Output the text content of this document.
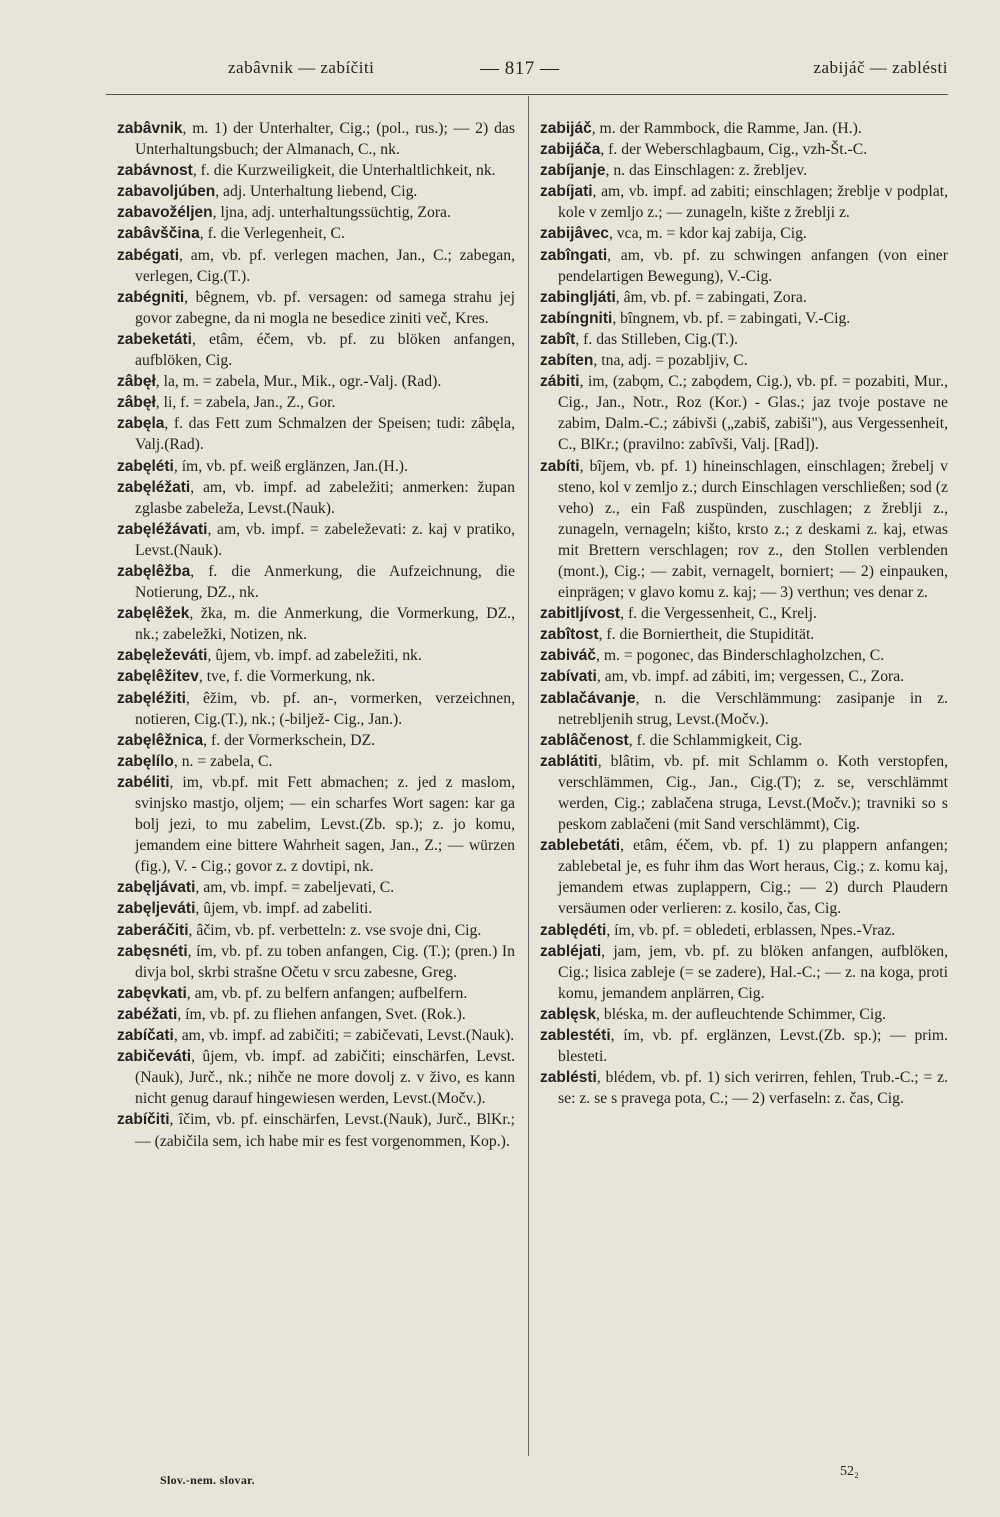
zabâvnik — zabíčiti	— 817 —	zabijáč — zablésti

zabâvnik, m. 1) der Unterhalter, Cig.; (pol., rus.); — 2) das Unterhaltungsbuch; der Almanach, C., nk.

zabávnost, f. die Kurzweiligkeit, die Unterhaltlichkeit, nk.

zabavoljúben, adj. Unterhaltung liebend, Cig.

zabavožéljen, ljna, adj. unterhaltungssüchtig, Zora.

zabâvščina, f. die Verlegenheit, C.

zabégati, am, vb. pf. verlegen machen, Jan., C.; zabegan, verlegen, Cig.(T.).

zabégniti, bêgnem, vb. pf. versagen: od samega strahu jej govor zabegne, da ni mogla ne besedice ziniti več, Kres.

zabeketáti, etâm, éčem, vb. pf. zu blöken anfangen, aufblöken, Cig.

zâbęł, la, m. = zabela, Mur., Mik., ogr.-Valj. (Rad).

zâbęł, li, f. = zabela, Jan., Z., Gor.

zabęla, f. das Fett zum Schmalzen der Speisen; tudi: zâbęla, Valj.(Rad).

zabęléti, ím, vb. pf. weiß erglänzen, Jan.(H.).

zabęléžati, am, vb. impf. ad zabeležiti; anmerken: župan zglasbe zabeleža, Levst.(Nauk).

zabęléžávati, am, vb. impf. = zabeleževati: z. kaj v pratiko, Levst.(Nauk).

zabęlêžba, f. die Anmerkung, die Aufzeichnung, die Notierung, DZ., nk.

zabęlêžek, žka, m. die Anmerkung, die Vormerkung, DZ., nk.; zabeležki, Notizen, nk.

zabęleževáti, ûjem, vb. impf. ad zabeležiti, nk.

zabęlêžitev, tve, f. die Vormerkung, nk.

zabęléžiti, êžim, vb. pf. an-, vormerken, verzeichnen, notieren, Cig.(T.), nk.; (-biljež- Cig., Jan.).

zabęlêžnica, f. der Vormerkschein, DZ.

zabęlílo, n. = zabela, C.

zabéliti, im, vb.pf. mit Fett abmachen; z. jed z maslom, svinjsko mastjo, oljem; — ein scharfes Wort sagen: kar ga bolj jezi, to mu zabelim, Levst.(Zb. sp.); z. jo komu, jemandem eine bittere Wahrheit sagen, Jan., Z.; — würzen (fig.), V. - Cig.; govor z. z dovtipi, nk.

zabęljávati, am, vb. impf. = zabeljevati, C.

zabęljeváti, ûjem, vb. impf. ad zabeliti.

zaberáčiti, âčim, vb. pf. verbetteln: z. vse svoje dni, Cig.

zabęsnéti, ím, vb. pf. zu toben anfangen, Cig. (T.); (pren.) In divja bol, skrbi strašne Očetu v srcu zabesne, Greg.

zabęvkati, am, vb. pf. zu belfern anfangen; aufbelfern.

zabéžati, ím, vb. pf. zu fliehen anfangen, Svet. (Rok.).

zabíčati, am, vb. impf. ad zabičiti; = zabičevati, Levst.(Nauk).

zabičeváti, ûjem, vb. impf. ad zabičiti; einschärfen, Levst.(Nauk), Jurč., nk.; nihče ne more dovolj z. v živo, es kann nicht genug darauf hingewiesen werden, Levst.(Močv.).

zabíčiti, îčim, vb. pf. einschärfen, Levst.(Nauk), Jurč., BlKr.; — (zabičila sem, ich habe mir es fest vorgenommen, Kop.).

zabijáč, m. der Rammbock, die Ramme, Jan. (H.).

zabijáča, f. der Weberschlagbaum, Cig., vzh-Št.-C.

zabíjanje, n. das Einschlagen: z. žrebljev.

zabíjati, am, vb. impf. ad zabiti; einschlagen; žreblje v podplat, kole v zemljo z.; — zunageln, kište z žreblji z.

zabijâvec, vca, m. = kdor kaj zabija, Cig.

zabîngati, am, vb. pf. zu schwingen anfangen (von einer pendelartigen Bewegung), V.-Cig.

zabingljáti, âm, vb. pf. = zabingati, Zora.

zabíngniti, bîngnem, vb. pf. = zabingati, V.-Cig.

zabît, f. das Stilleben, Cig.(T.).

zabíten, tna, adj. = pozabljiv, C.

zábiti, im, (zabǫm, C.; zabǫdem, Cig.), vb. pf. = pozabiti, Mur., Cig., Jan., Notr., Roz (Kor.) - Glas.; jaz tvoje postave ne zabim, Dalm.-C.; zábivši („zabiš, zabiši"), aus Vergessenheit, C., BlKr.; (pravilno: zabîvši, Valj. [Rad]).

zabíti, bîjem, vb. pf. 1) hineinschlagen, einschlagen; žrebelj v steno, kol v zemljo z.; durch Einschlagen verschließen; sod (z veho) z., ein Faß zuspünden, zuschlagen; z žreblji z., zunageln, vernageln; kišto, krsto z.; z deskami z. kaj, etwas mit Brettern verschlagen; rov z., den Stollen verblenden (mont.), Cig.; — zabit, vernagelt, borniert; — 2) einpauken, einprägen; v glavo komu z. kaj; — 3) verthun; ves denar z.

zabitljívost, f. die Vergessenheit, C., Krelj.

zabîtost, f. die Borniertheit, die Stupidität.

zabiváč, m. = pogonec, das Binderschlagholzchen, C.

zabívati, am, vb. impf. ad zábiti, im; vergessen, C., Zora.

zablačávanje, n. die Verschlämmung: zasipanje in z. netrebljenih strug, Levst.(Močv.).

zablâčenost, f. die Schlammigkeit, Cig.

zablátiti, blâtim, vb. pf. mit Schlamm o. Koth verstopfen, verschlämmen, Cig., Jan., Cig.(T); z. se, verschlämmt werden, Cig.; zablačena struga, Levst.(Močv.); travniki so s peskom zablačeni (mit Sand verschlämmt), Cig.

zablebetáti, etâm, éčem, vb. pf. 1) zu plappern anfangen; zablebetal je, es fuhr ihm das Wort heraus, Cig.; z. komu kaj, jemandem etwas zuplappern, Cig.; — 2) durch Plaudern versäumen oder verlieren: z. kosilo, čas, Cig.

zablędéti, ím, vb. pf. = obledeti, erblassen, Npes.-Vraz.

zabléjati, jam, jem, vb. pf. zu blöken anfangen, aufblöken, Cig.; lisica zableje (= se zadere), Hal.-C.; — z. na koga, proti komu, jemandem anplärren, Cig.

zablęsk, bléska, m. der aufleuchtende Schimmer, Cig.

zablestéti, ím, vb. pf. erglänzen, Levst.(Zb. sp.); — prim. blesteti.

zablésti, blédem, vb. pf. 1) sich verirren, fehlen, Trub.-C.; = z. se: z. se s pravega pota, C.; — 2) verfaseln: z. čas, Cig.

Slov.-nem. slovar.
52₂
